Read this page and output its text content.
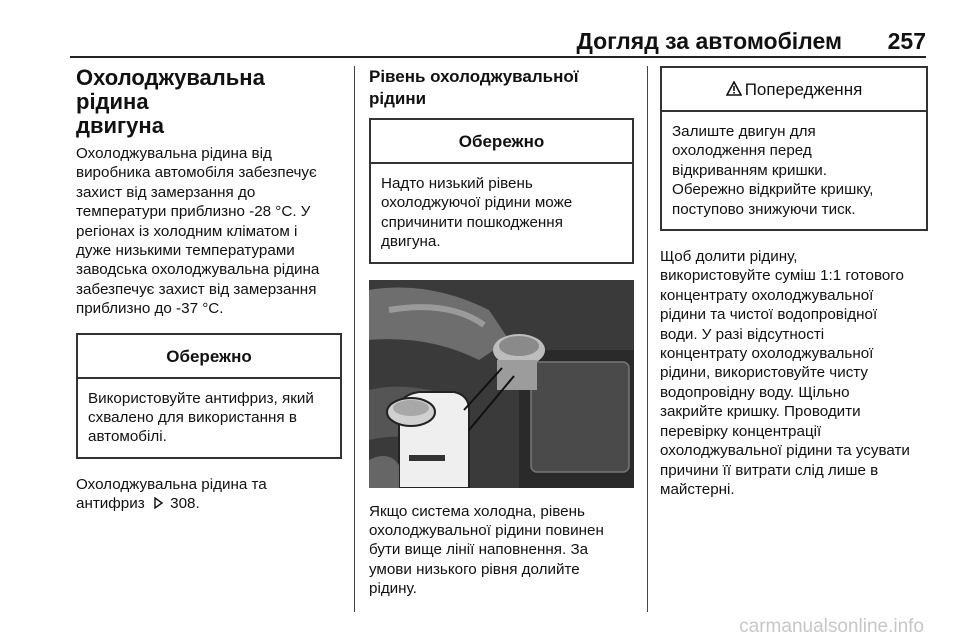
Догляд за автомобілем 257
Охолоджувальна рідина
двигуна

Охолоджувальна рідина від
виробника автомобіля забезпечує
захист від замерзання до
температури приблизно -28 °C. У
регіонах із холодним кліматом і
дуже низькими температурами
заводська охолоджувальна рідина
забезпечує захист від замерзання
приблизно до -37 °C.

Обережно
Використовуйте антифриз, який
схвалено для використання в
автомобілі.

Охолоджувальна рідина та
антифриз 308.

Рівень охолоджувальної рідини
Обережно
Надто низький рівень
охолоджуючої рідини може
спричинити пошкодження
двигуна.

Якщо система холодна, рівень
охолоджувальної рідини повинен
бути вище лінії наповнення. За
умови низького рівня долийте
рідину.

Попередження
Залиште двигун для
охолодження перед
відкриванням кришки.
Обережно відкрийте кришку,
поступово знижуючи тиск.

Щоб долити рідину,
використовуйте суміш 1:1 готового
концентрату охолоджувальної
рідини та чистої водопровідної
води. У разі відсутності
концентрату охолоджувальної
рідини, використовуйте чисту
водопровідну воду. Щільно
закрийте кришку. Проводити
перевірку концентрації
охолоджувальної рідини та усувати
причини її витрати слід лише в
майстерні.

carmanualsonline.info
